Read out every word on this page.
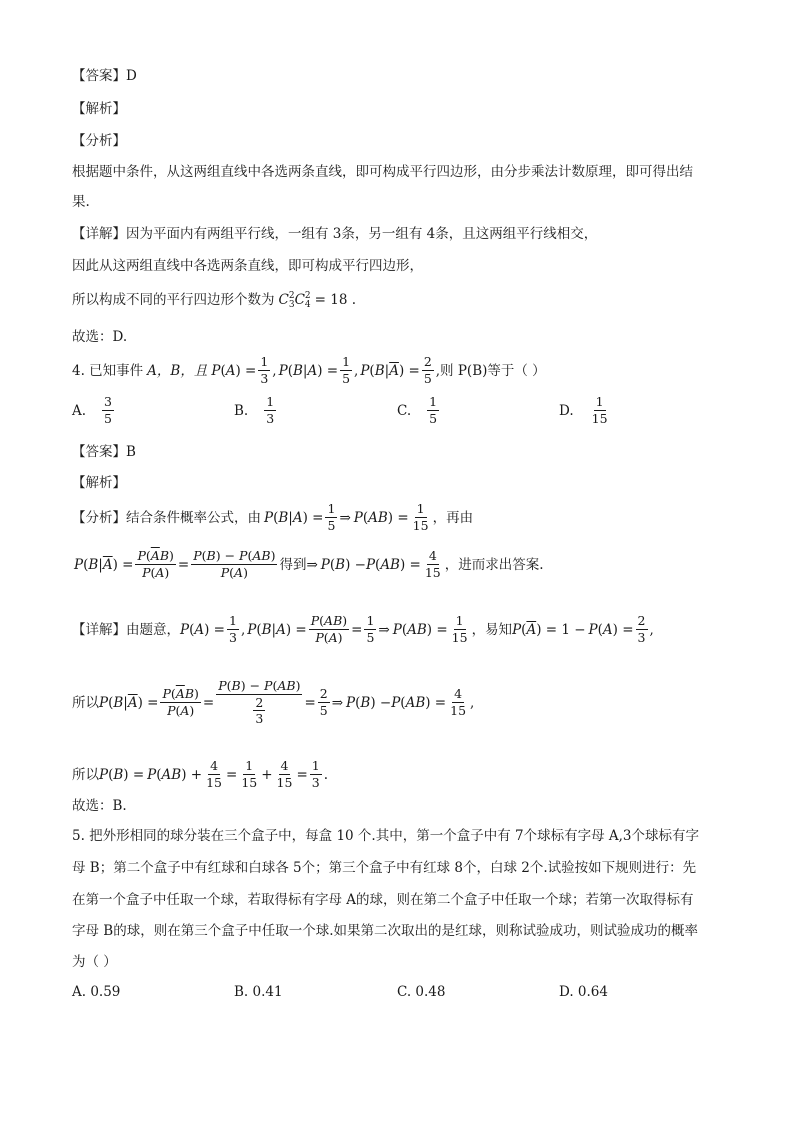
【答案】D
【解析】
【分析】
根据题中条件，从这两组直线中各选两条直线，即可构成平行四边形，由分步乘法计数原理，即可得出结
果.
【详解】因为平面内有两组平行线，一组有 3条，另一组有 4条，且这两组平行线相交，
因此从这两组直线中各选两条直线，即可构成平行四边形，
所以构成不同的平行四边形个数为 C 2
3 C 2
4 = 18 .
故选：D.
4. 已知事件 A，B，且 P ( A ) = $\frac{1}{3}$ , P ( B | A ) = $\frac{1}{5}$ , P ( B | $\overline{A}$ ) = $\frac{2}{5}$ ,则 P(B)等于（ ）
A. $\frac{3}{5}$	B. $\frac{1}{3}$	C. $\frac{1}{5}$	D. $\frac{1}{15}$
【答案】B
【解析】
【分析】结合条件概率公式，由 P ( B | A ) = $\frac{1}{5}$ ⇒ P ( AB ) = $\frac{1}{15}$ ，再由
P ( B | $\overline{A}$ ) = $\frac{P(\overline{A}B)}{P(\overline{A})} = \frac{P(B) - P(AB)}{P(\overline{A})}$ 得到 ⇒ P ( B ) − P ( AB ) = $\frac{4}{15}$ ，进而求出答案.
【详解】由题意， P ( A ) = $\frac{1}{3}$ , P ( B | A ) = $\frac{P(AB)}{P(A)} = \frac{1}{5}$ ⇒ P ( AB ) = $\frac{1}{15}$ ，易知 P ( $\overline{A}$ ) = 1 − P ( A ) = $\frac{2}{3}$ ,
所以 P ( B | $\overline{A}$ ) = $\frac{P(\overline{A}B)}{P(\overline{A})} = \frac{P(B) - P(AB)}{\frac{2}{3}} = \frac{2}{5}$ ⇒ P ( B ) − P ( AB ) = $\frac{4}{15}$ ,
所以 P ( B ) = P ( AB ) + $\frac{4}{15} = \frac{1}{15} + \frac{4}{15} = \frac{1}{3}$ .
故选：B.
5. 把外形相同的球分装在三个盒子中，每盒 10 个.其中，第一个盒子中有 7个球标有字母 A,3个球标有字
母 B；第二个盒子中有红球和白球各 5个；第三个盒子中有红球 8个，白球 2个.试验按如下规则进行：先
在第一个盒子中任取一个球，若取得标有字母 A的球，则在第二个盒子中任取一个球；若第一次取得标有
字母 B的球，则在第三个盒子中任取一个球.如果第二次取出的是红球，则称试验成功，则试验成功的概率
为（ ）
A. 0.59	B. 0.41	C. 0.48	D. 0.64
